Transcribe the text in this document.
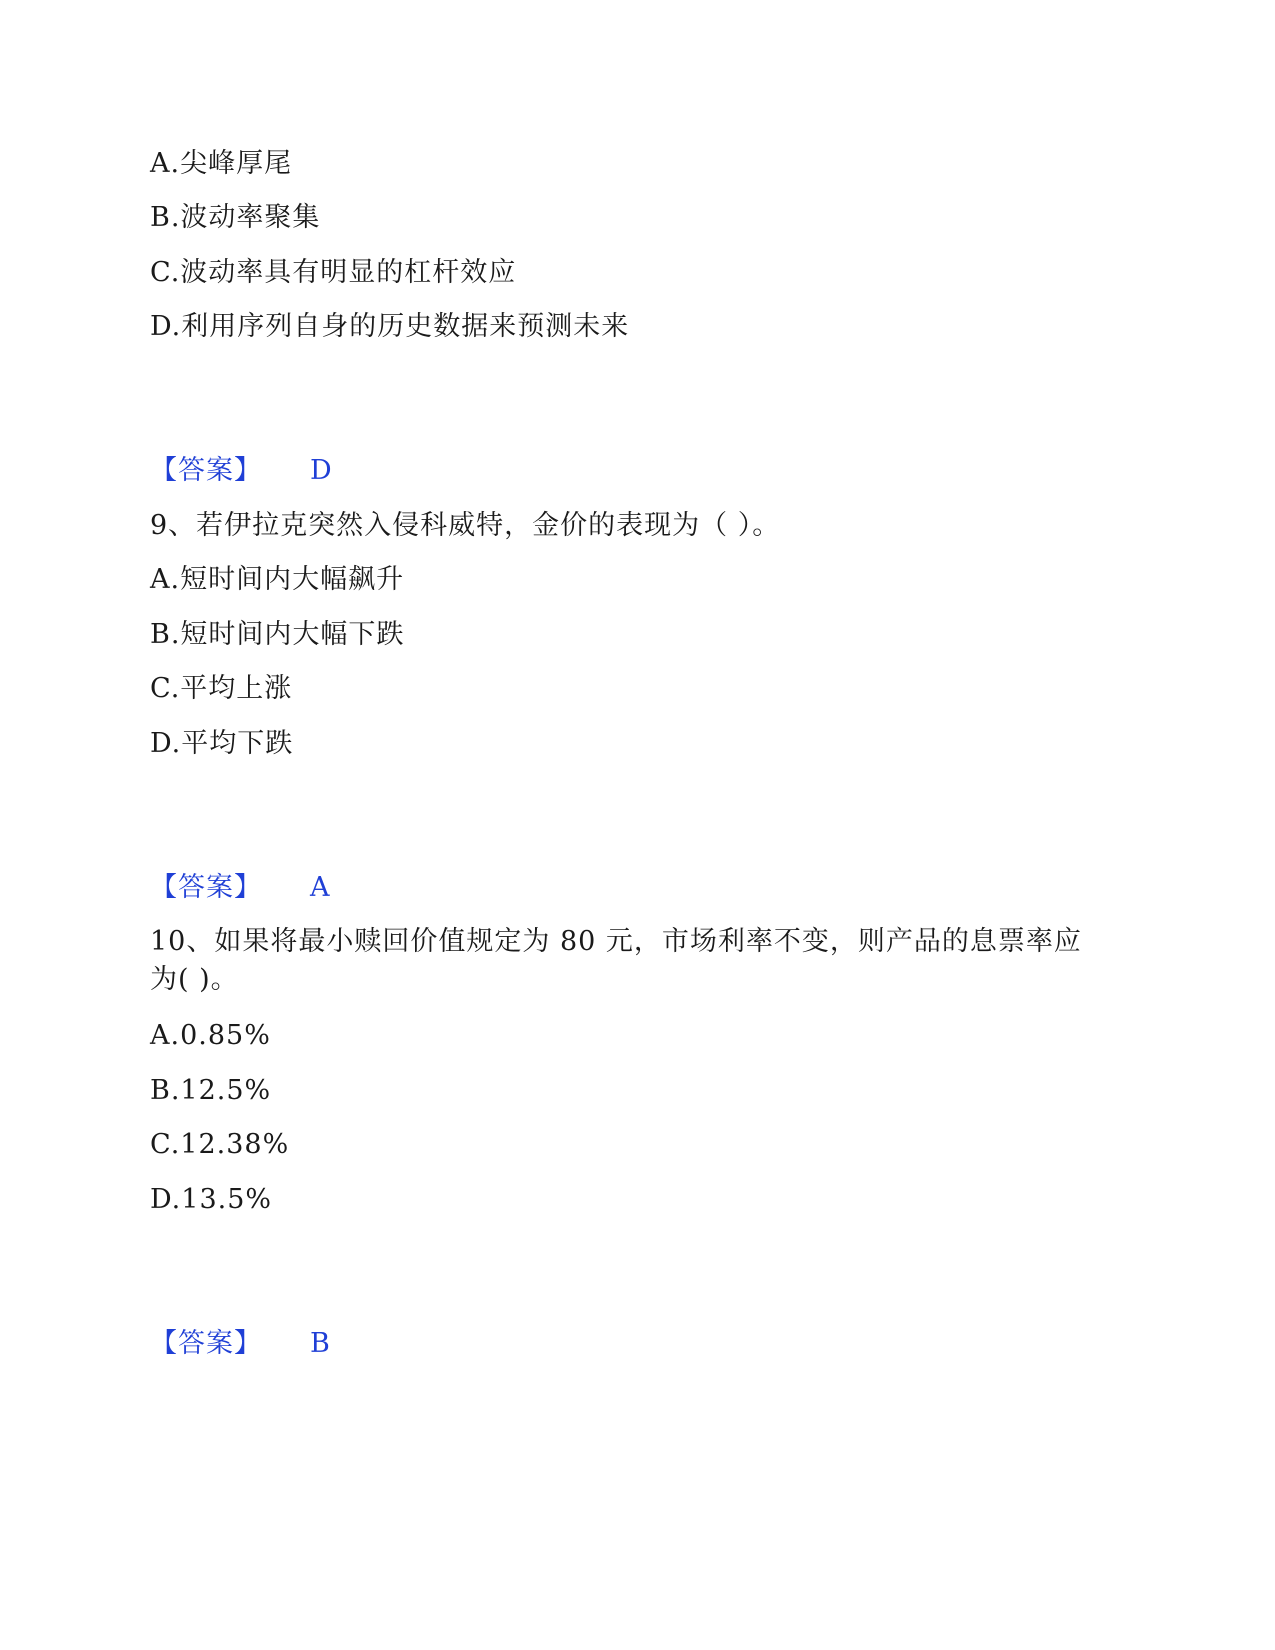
A.尖峰厚尾
B.波动率聚集
C.波动率具有明显的杠杆效应
D.利用序列自身的历史数据来预测未来
【答案】 D
9、若伊拉克突然入侵科威特，金价的表现为（ ）。
A.短时间内大幅飙升
B.短时间内大幅下跌
C.平均上涨
D.平均下跌
【答案】 A
10、如果将最小赎回价值规定为 80 元，市场利率不变，则产品的息票率应
为( )。
A.0.85%
B.12.5%
C.12.38%
D.13.5%
【答案】 B
